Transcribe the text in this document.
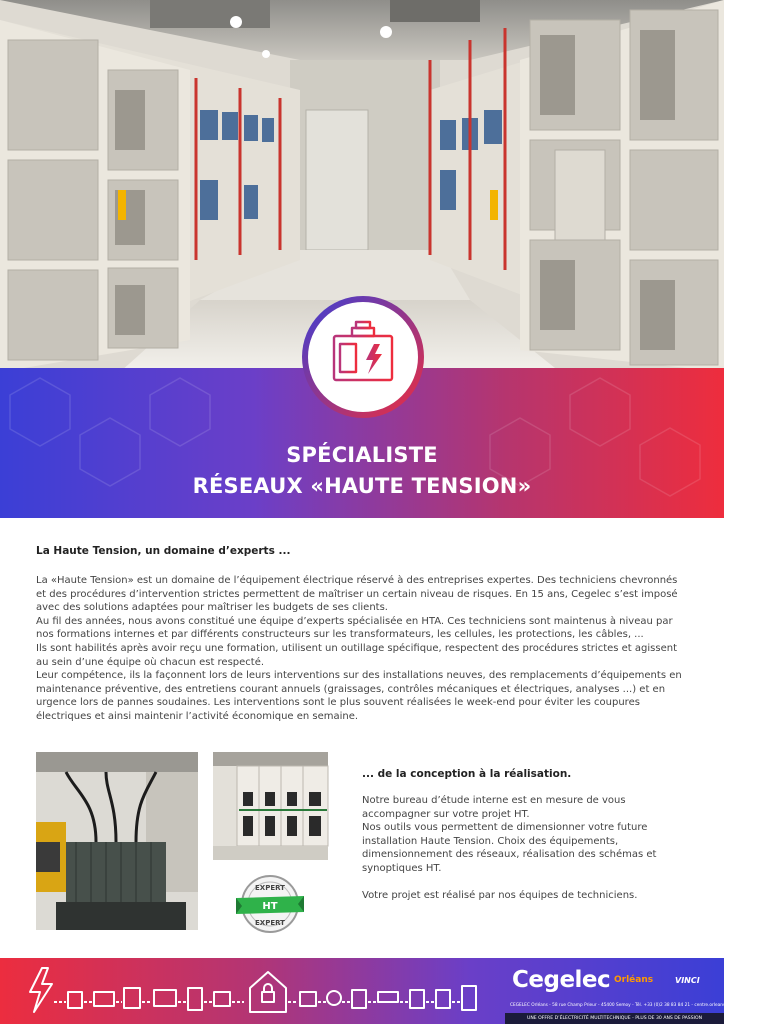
SPÉCIALISTE
RÉSEAUX «HAUTE TENSION»
La Haute Tension, un domaine d’experts ...

La «Haute Tension» est un domaine de l’équipement électrique réservé à des entreprises expertes. Des techniciens chevronnés et des procédures d’intervention strictes permettent de maîtriser un certain niveau de risques. En 15 ans, Cegelec s’est imposé avec des solutions adaptées pour maîtriser les budgets de ses clients.

Au fil des années, nous avons constitué une équipe d’experts spécialisée en HTA. Ces techniciens sont maintenus à niveau par nos formations internes et par différents constructeurs sur les transformateurs, les cellules, les protections, les câbles, ...

Ils sont habilités après avoir reçu une formation, utilisent un outillage spécifique, respectent des procédures strictes et agissent au sein d’une équipe où chacun est respecté.

Leur compétence, ils la façonnent lors de leurs interventions sur des installations neuves, des remplacements d’équipements en maintenance préventive, des entretiens courant annuels (graissages, contrôles mécaniques et électriques, analyses ...) et en urgence lors de pannes soudaines. Les interventions sont le plus souvent réalisées le week-end pour éviter les coupures électriques et ainsi maintenir l’activité économique en semaine.

EXPERT
HT
EXPERT
... de la conception à la réalisation.

Notre bureau d’étude interne est en mesure de vous accompagner sur votre projet HT.

Nos outils vous permettent de dimensionner votre future installation Haute Tension. Choix des équipements, dimensionnement des réseaux, réalisation des schémas et synoptiques HT.

Votre projet est réalisé par nos équipes de techniciens.

Cegelec Orléans	VINCI
CEGELEC Orléans - 58 rue Champ Prieur - 45400 Semoy - Tél. +33 (0)2 38 83 84 21 - centre.orleans@cegelec.com
UNE OFFRE D’ÉLECTRICITÉ MULTITECHNIQUE - PLUS DE 30 ANS DE PASSION
